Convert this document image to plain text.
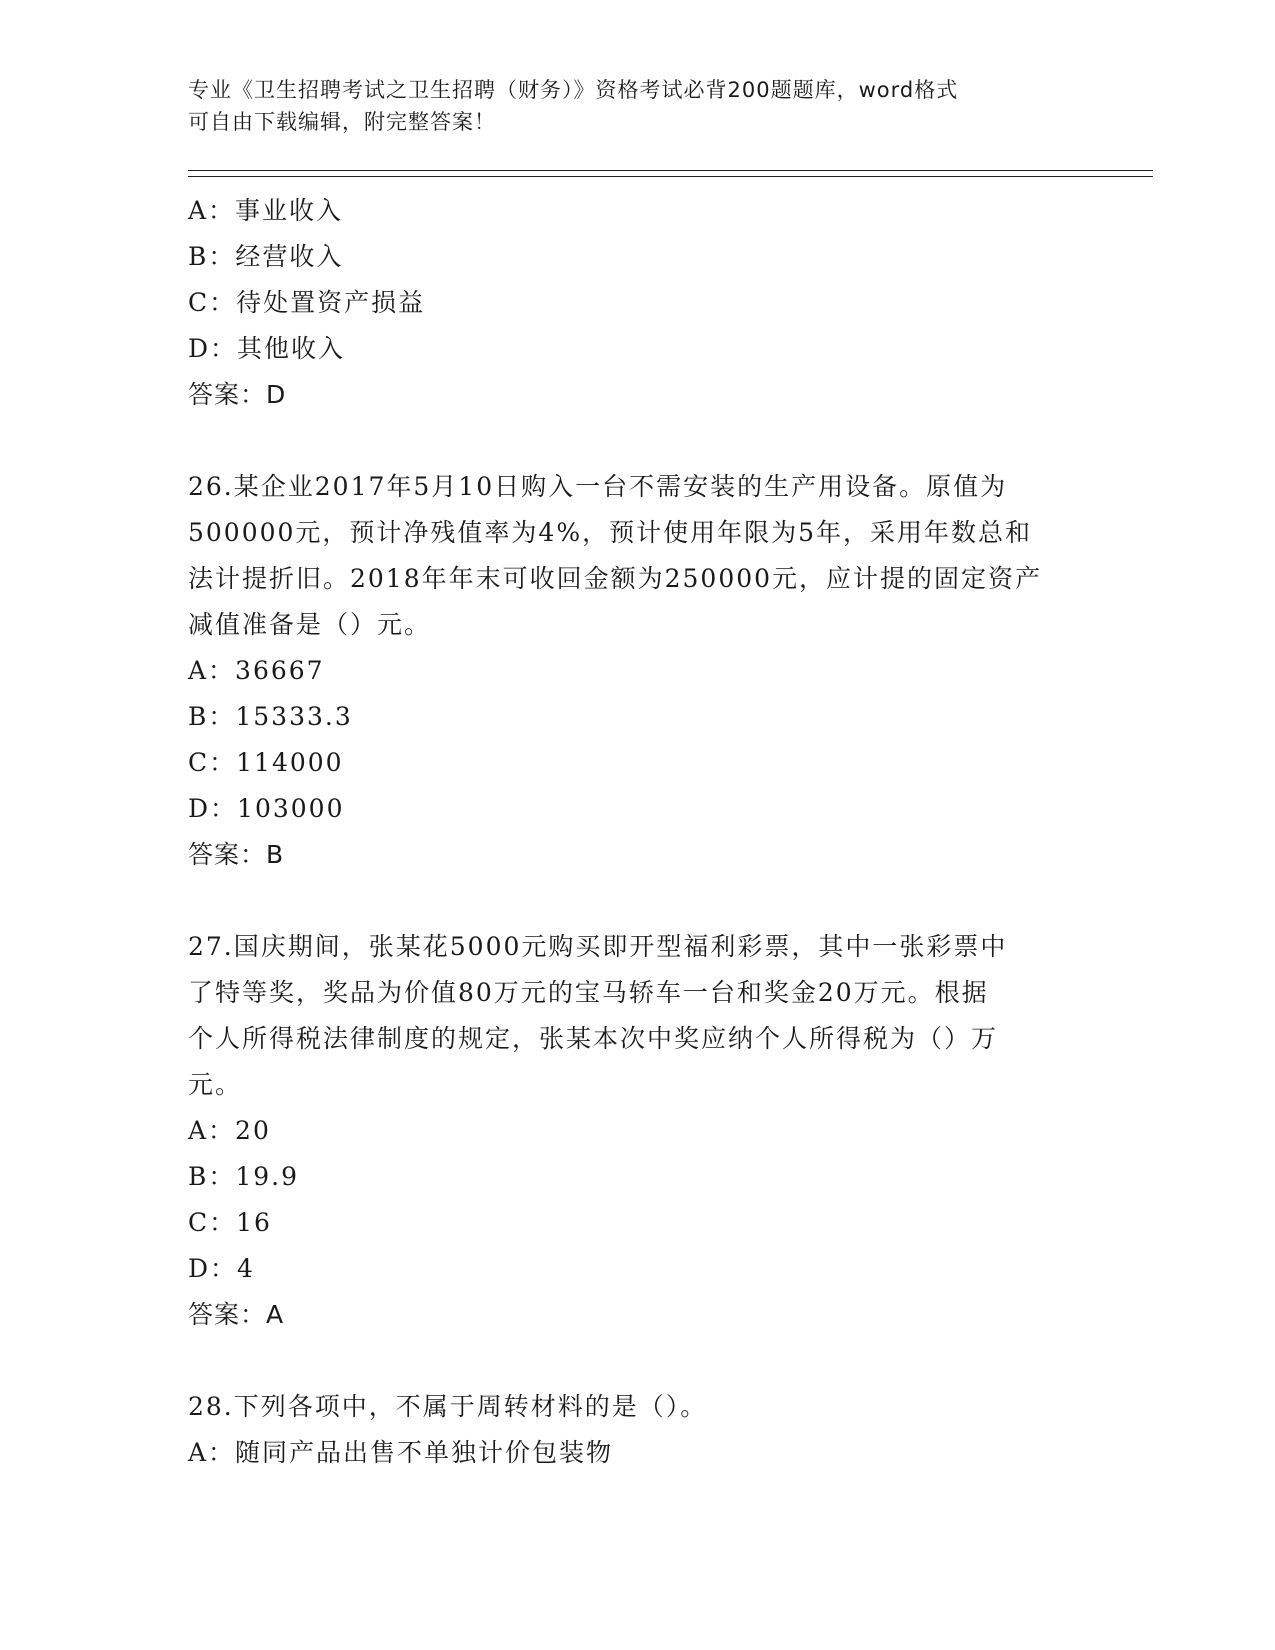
专业《卫生招聘考试之卫生招聘（财务）》资格考试必背200题题库，word格式
可自由下载编辑，附完整答案！
A：事业收入
B：经营收入
C：待处置资产损益
D：其他收入
答案：D
26.某企业2017年5月10日购入一台不需安装的生产用设备。原值为
500000元，预计净残值率为4%，预计使用年限为5年，采用年数总和
法计提折旧。2018年年末可收回金额为250000元，应计提的固定资产
减值准备是（）元。
A：36667
B：15333.3
C：114000
D：103000
答案：B
27.国庆期间，张某花5000元购买即开型福利彩票，其中一张彩票中
了特等奖，奖品为价值80万元的宝马轿车一台和奖金20万元。根据
个人所得税法律制度的规定，张某本次中奖应纳个人所得税为（）万
元。
A：20
B：19.9
C：16
D：4
答案：A
28.下列各项中，不属于周转材料的是（）。
A：随同产品出售不单独计价包装物
